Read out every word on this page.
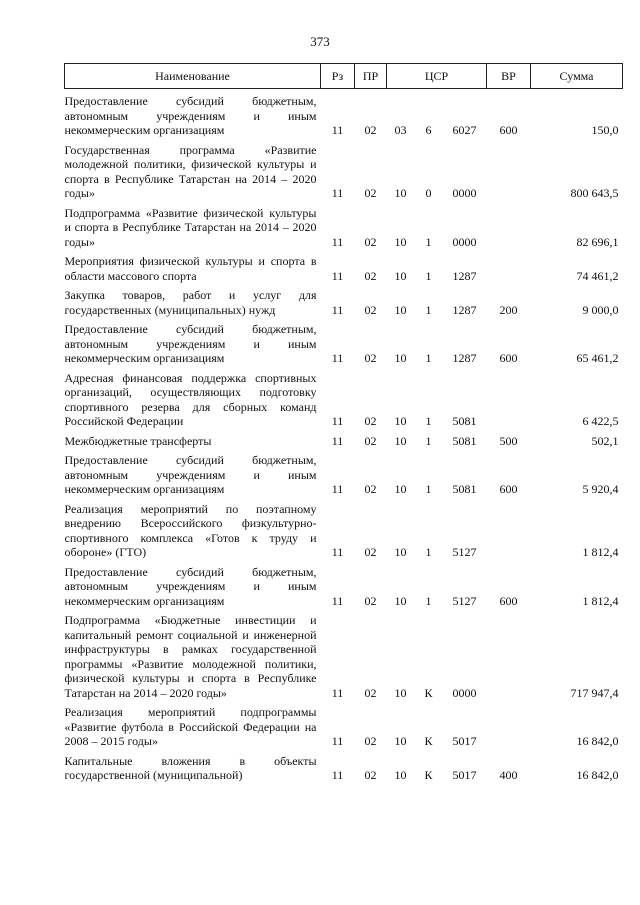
373
Наименование	Рз	ПР	ЦСР			ВР	Сумма
Предоставление субсидий бюджетным, автономным учреждениям и иным некоммерческим организациям	11	02	03	6	6027	600	150,0
Государственная программа «Развитие молодежной политики, физической культуры и спорта в Республике Татарстан на 2014 – 2020 годы»	11	02	10	0	0000		800 643,5
Подпрограмма «Развитие физической культуры и спорта в Республике Татарстан на 2014 – 2020 годы»	11	02	10	1	0000		82 696,1
Мероприятия физической культуры и спорта в области массового спорта	11	02	10	1	1287		74 461,2
Закупка товаров, работ и услуг для государственных (муниципальных) нужд	11	02	10	1	1287	200	9 000,0
Предоставление субсидий бюджетным, автономным учреждениям и иным некоммерческим организациям	11	02	10	1	1287	600	65 461,2
Адресная финансовая поддержка спортивных организаций, осуществляющих подготовку спортивного резерва для сборных команд Российской Федерации	11	02	10	1	5081		6 422,5
Межбюджетные трансферты	11	02	10	1	5081	500	502,1
Предоставление субсидий бюджетным, автономным учреждениям и иным некоммерческим организациям	11	02	10	1	5081	600	5 920,4
Реализация мероприятий по поэтапному внедрению Всероссийского физкультурно-спортивного комплекса «Готов к труду и обороне» (ГТО)	11	02	10	1	5127		1 812,4
Предоставление субсидий бюджетным, автономным учреждениям и иным некоммерческим организациям	11	02	10	1	5127	600	1 812,4
Подпрограмма «Бюджетные инвестиции и капитальный ремонт социальной и инженерной инфраструктуры в рамках государственной программы «Развитие молодежной политики, физической культуры и спорта в Республике Татарстан на 2014 – 2020 годы»	11	02	10	К	0000		717 947,4
Реализация мероприятий подпрограммы «Развитие футбола в Российской Федерации на 2008 – 2015 годы»	11	02	10	К	5017		16 842,0
Капитальные вложения в объекты государственной (муниципальной)	11	02	10	К	5017	400	16 842,0
